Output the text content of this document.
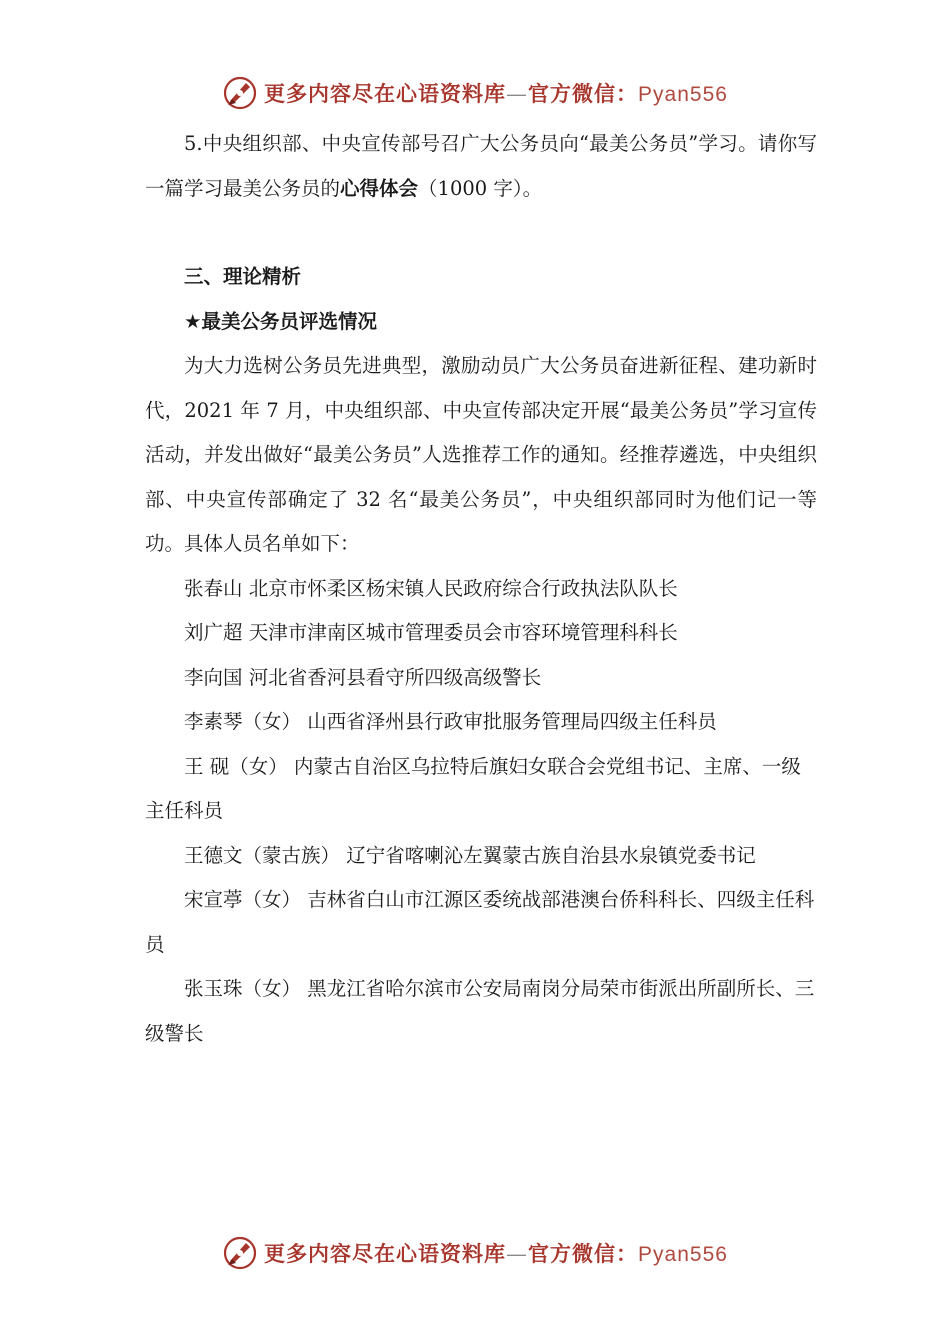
更多内容尽在心语资料库—官方微信：Pyan556

5.中央组织部、中央宣传部号召广大公务员向“最美公务员”学习。请你写一篇学习最美公务员的心得体会（1000 字）。

三、理论精析

★最美公务员评选情况

为大力选树公务员先进典型，激励动员广大公务员奋进新征程、建功新时代，2021 年 7 月，中央组织部、中央宣传部决定开展“最美公务员”学习宣传活动，并发出做好“最美公务员”人选推荐工作的通知。经推荐遴选，中央组织部、中央宣传部确定了 32 名“最美公务员”，中央组织部同时为他们记一等功。具体人员名单如下：

张春山 北京市怀柔区杨宋镇人民政府综合行政执法队队长

刘广超 天津市津南区城市管理委员会市容环境管理科科长

李向国 河北省香河县看守所四级高级警长

李素琴（女） 山西省泽州县行政审批服务管理局四级主任科员

王 砚（女） 内蒙古自治区乌拉特后旗妇女联合会党组书记、主席、一级主任科员

王德文（蒙古族） 辽宁省喀喇沁左翼蒙古族自治县水泉镇党委书记

宋宣葶（女） 吉林省白山市江源区委统战部港澳台侨科科长、四级主任科员

张玉珠（女） 黑龙江省哈尔滨市公安局南岗分局荣市街派出所副所长、三级警长

更多内容尽在心语资料库—官方微信：Pyan556
